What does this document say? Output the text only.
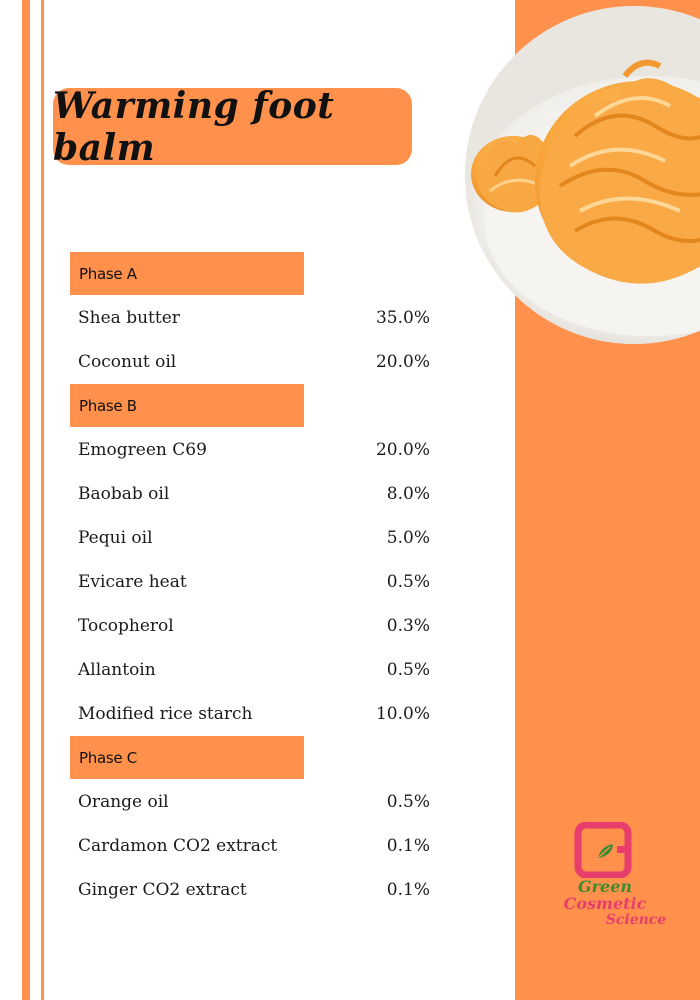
Warming foot balm
Phase A
Shea butter	35.0%
Coconut oil	20.0%
Phase B
Emogreen C69	20.0%
Baobab oil	8.0%
Pequi oil	5.0%
Evicare heat	0.5%
Tocopherol	0.3%
Allantoin	0.5%
Modified rice starch	10.0%
Phase C
Orange oil	0.5%
Cardamon CO2 extract	0.1%
Ginger CO2 extract	0.1%	Green Cosmetic
Science
